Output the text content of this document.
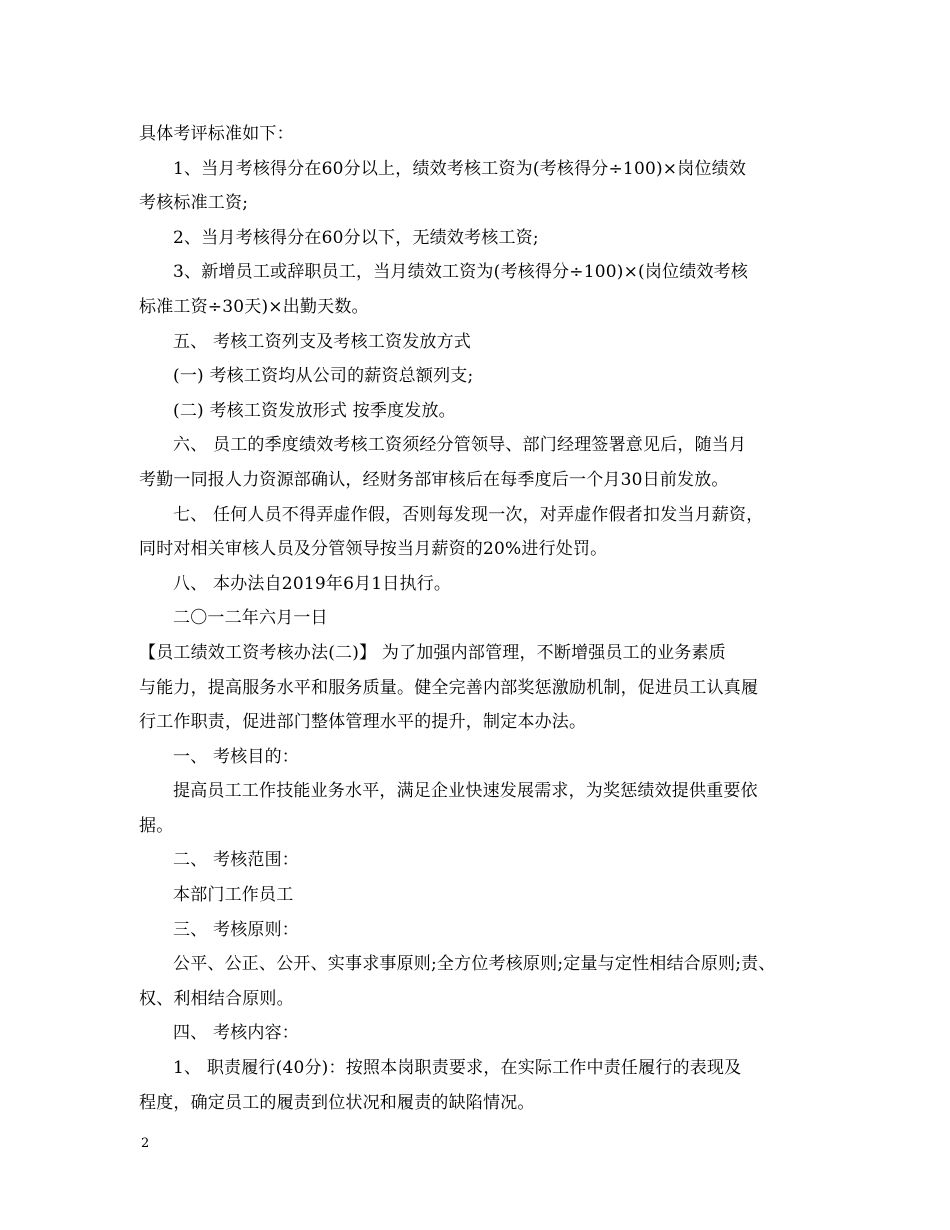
具体考评标准如下：
1、当月考核得分在60分以上，绩效考核工资为(考核得分÷100)×岗位绩效
考核标准工资;
2、当月考核得分在60分以下，无绩效考核工资;
3、新增员工或辞职员工，当月绩效工资为(考核得分÷100)×(岗位绩效考核
标准工资÷30天)×出勤天数。
五、 考核工资列支及考核工资发放方式
(一) 考核工资均从公司的薪资总额列支;
(二) 考核工资发放形式 按季度发放。
六、 员工的季度绩效考核工资须经分管领导、部门经理签署意见后，随当月
考勤一同报人力资源部确认，经财务部审核后在每季度后一个月30日前发放。
七、 任何人员不得弄虚作假，否则每发现一次，对弄虚作假者扣发当月薪资，
同时对相关审核人员及分管领导按当月薪资的20%进行处罚。
八、 本办法自2019年6月1日执行。
二〇一二年六月一日
【员工绩效工资考核办法(二)】 为了加强内部管理，不断增强员工的业务素质
与能力，提高服务水平和服务质量。健全完善内部奖惩激励机制，促进员工认真履
行工作职责，促进部门整体管理水平的提升，制定本办法。
一、 考核目的：
提高员工工作技能业务水平，满足企业快速发展需求，为奖惩绩效提供重要依
据。
二、 考核范围：
本部门工作员工
三、 考核原则：
公平、公正、公开、实事求事原则;全方位考核原则;定量与定性相结合原则;责、
权、利相结合原则。
四、 考核内容：
1、 职责履行(40分)：按照本岗职责要求，在实际工作中责任履行的表现及
程度，确定员工的履责到位状况和履责的缺陷情况。
2
